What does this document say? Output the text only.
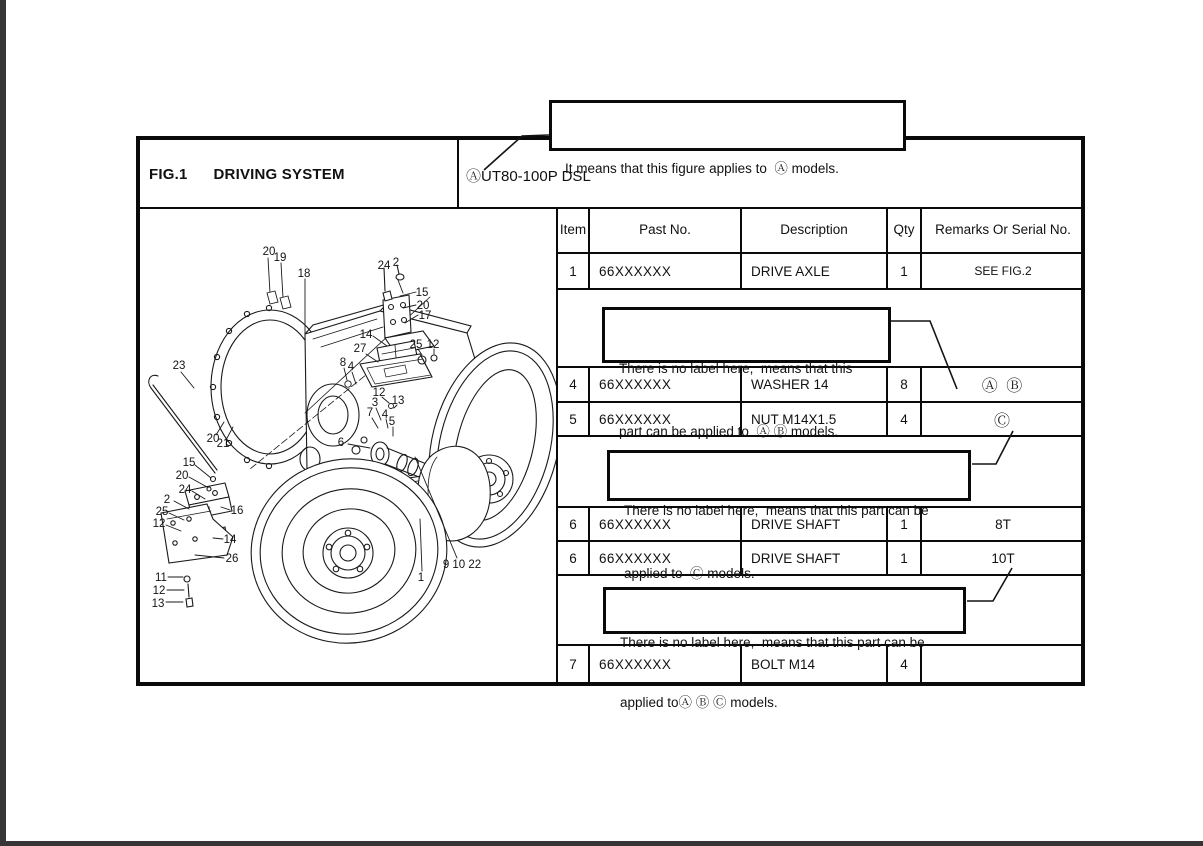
FIG.1 DRIVING SYSTEM	ⒶUT80-100P DSL

It means that this figure applies to  Ⓐ models.

There is no label here,  means that this

part can be applied to  Ⓐ Ⓑ models.

There is no label here,  means that this part can be

applied to  Ⓒ models.

There is no label here,  means that this part can be

applied toⒶ Ⓑ Ⓒ models.

Item	Past No.	Description	Qty	Remarks Or Serial No.
1	66XXXXXX	DRIVE AXLE	1	SEE FIG.2
4	66XXXXXX	WASHER 14	8	Ⓐ Ⓑ
5	66XXXXXX	NUT M14X1.5	4	Ⓒ
6	66XXXXXX	DRIVE SHAFT	1	8T
6	66XXXXXX	DRIVE SHAFT	1	10T
7	66XXXXXX	BOLT M14	4
20
19
18
24 2
15
20
17
14
27	25 12
8 4
23
12
13
3
7 4
5
6
20
21
15
20
24
2
25
12
16
14
26
11
12
13
9 10 22
1
